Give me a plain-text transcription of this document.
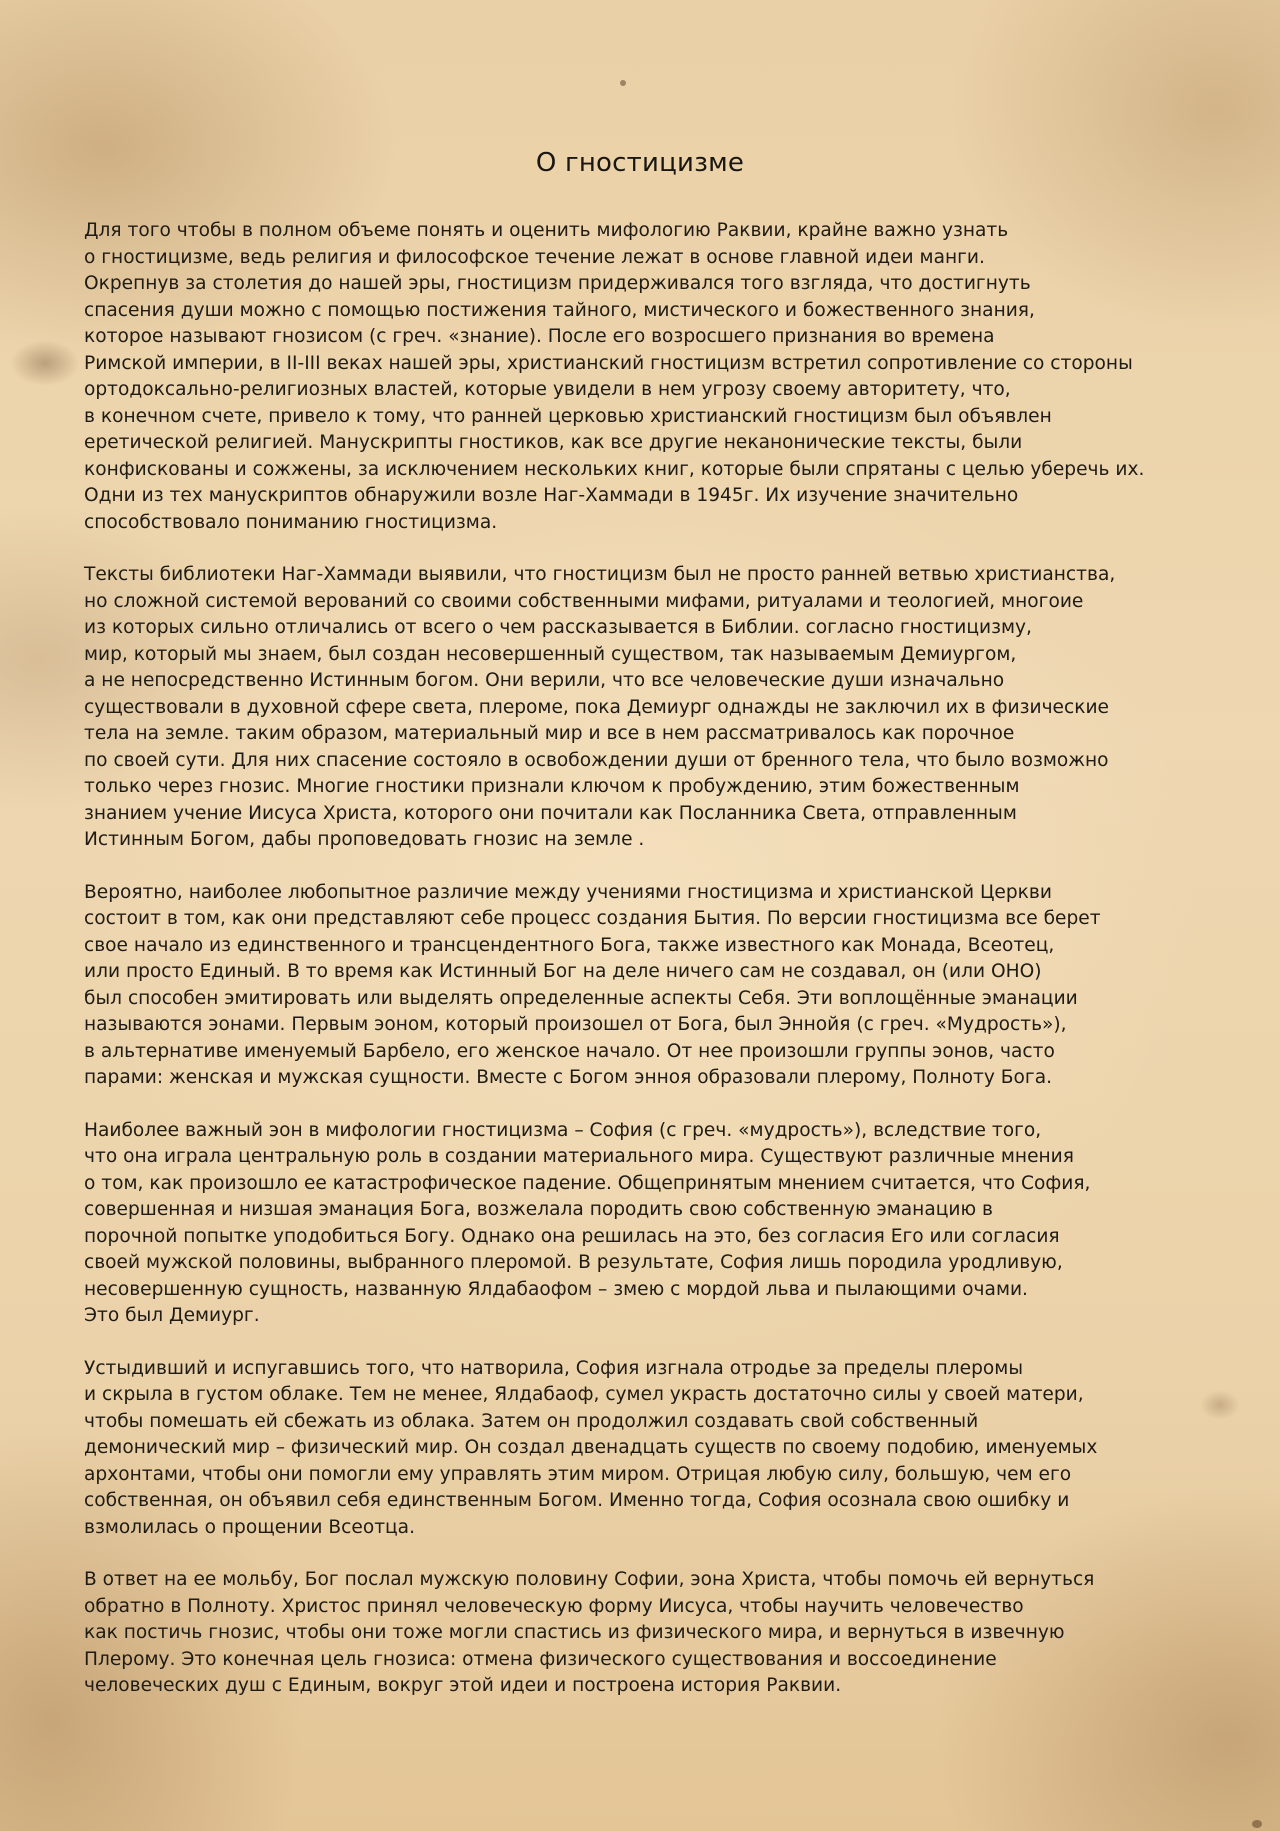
О гностицизме
Для того чтобы в полном объеме понять и оценить мифологию Раквии, крайне важно узнать
о гностицизме, ведь религия и философское течение лежат в основе главной идеи манги.
Окрепнув за столетия до нашей эры, гностицизм придерживался того взгляда, что достигнуть
спасения души можно с помощью постижения тайного, мистического и божественного знания,
которое называют гнозисом (с греч. «знание). После его возросшего признания во времена
Римской империи, в II-III веках нашей эры, христианский гностицизм встретил сопротивление со стороны
ортодоксально-религиозных властей, которые увидели в нем угрозу своему авторитету, что,
в конечном счете, привело к тому, что ранней церковью христианский гностицизм был объявлен
еретической религией. Манускрипты гностиков, как все другие неканонические тексты, были
конфискованы и сожжены, за исключением нескольких книг, которые были спрятаны с целью уберечь их.
Одни из тех манускриптов обнаружили возле Наг-Хаммади в 1945г. Их изучение значительно
способствовало пониманию гностицизма.
Тексты библиотеки Наг-Хаммади выявили, что гностицизм был не просто ранней ветвью христианства,
но сложной системой верований со своими собственными мифами, ритуалами и теологией, многоие
из которых сильно отличались от всего о чем рассказывается в Библии. согласно гностицизму,
мир, который мы знаем, был создан несовершенный существом, так называемым Демиургом,
а не непосредственно Истинным богом. Они верили, что все человеческие души изначально
существовали в духовной сфере света, плероме, пока Демиург однажды не заключил их в физические
тела на земле. таким образом, материальный мир и все в нем рассматривалось как порочное
по своей сути. Для них спасение состояло в освобождении души от бренного тела, что было возможно
только через гнозис. Многие гностики признали ключом к пробуждению, этим божественным
знанием учение Иисуса Христа, которого они почитали как Посланника Света, отправленным
Истинным Богом, дабы проповедовать гнозис на земле .
Вероятно, наиболее любопытное различие между учениями гностицизма и христианской Церкви
состоит в том, как они представляют себе процесс создания Бытия. По версии гностицизма все берет
свое начало из единственного и трансцендентного Бога, также известного как Монада, Всеотец,
или просто Единый. В то время как Истинный Бог на деле ничего сам не создавал, он (или ОНО)
был способен эмитировать или выделять определенные аспекты Себя. Эти воплощённые эманации
называются эонами. Первым эоном, который произошел от Бога, был Эннойя (с греч. «Мудрость»),
в альтернативе именуемый Барбело, его женское начало. От нее произошли группы эонов, часто
парами: женская и мужская сущности. Вместе с Богом энноя образовали плерому, Полноту Бога.
Наиболее важный эон в мифологии гностицизма – София (с греч. «мудрость»), вследствие того,
что она играла центральную роль в создании материального мира. Существуют различные мнения
о том, как произошло ее катастрофическое падение. Общепринятым мнением считается, что София,
совершенная и низшая эманация Бога, возжелала породить свою собственную эманацию в
порочной попытке уподобиться Богу. Однако она решилась на это, без согласия Его или согласия
своей мужской половины, выбранного плеромой. В результате, София лишь породила уродливую,
несовершенную сущность, названную Ялдабаофом – змею с мордой льва и пылающими очами.
Это был Демиург.
Устыдивший и испугавшись того, что натворила, София изгнала отродье за пределы плеромы
и скрыла в густом облаке. Тем не менее, Ялдабаоф, сумел украсть достаточно силы у своей матери,
чтобы помешать ей сбежать из облака. Затем он продолжил создавать свой собственный
демонический мир – физический мир. Он создал двенадцать существ по своему подобию, именуемых
архонтами, чтобы они помогли ему управлять этим миром. Отрицая любую силу, большую, чем его
собственная, он объявил себя единственным Богом. Именно тогда, София осознала свою ошибку и
взмолилась о прощении Всеотца.
В ответ на ее мольбу, Бог послал мужскую половину Софии, эона Христа, чтобы помочь ей вернуться
обратно в Полноту. Христос принял человеческую форму Иисуса, чтобы научить человечество
как постичь гнозис, чтобы они тоже могли спастись из физического мира, и вернуться в извечную
Плерому. Это конечная цель гнозиса: отмена физического существования и воссоединение
человеческих душ с Единым, вокруг этой идеи и построена история Раквии.
